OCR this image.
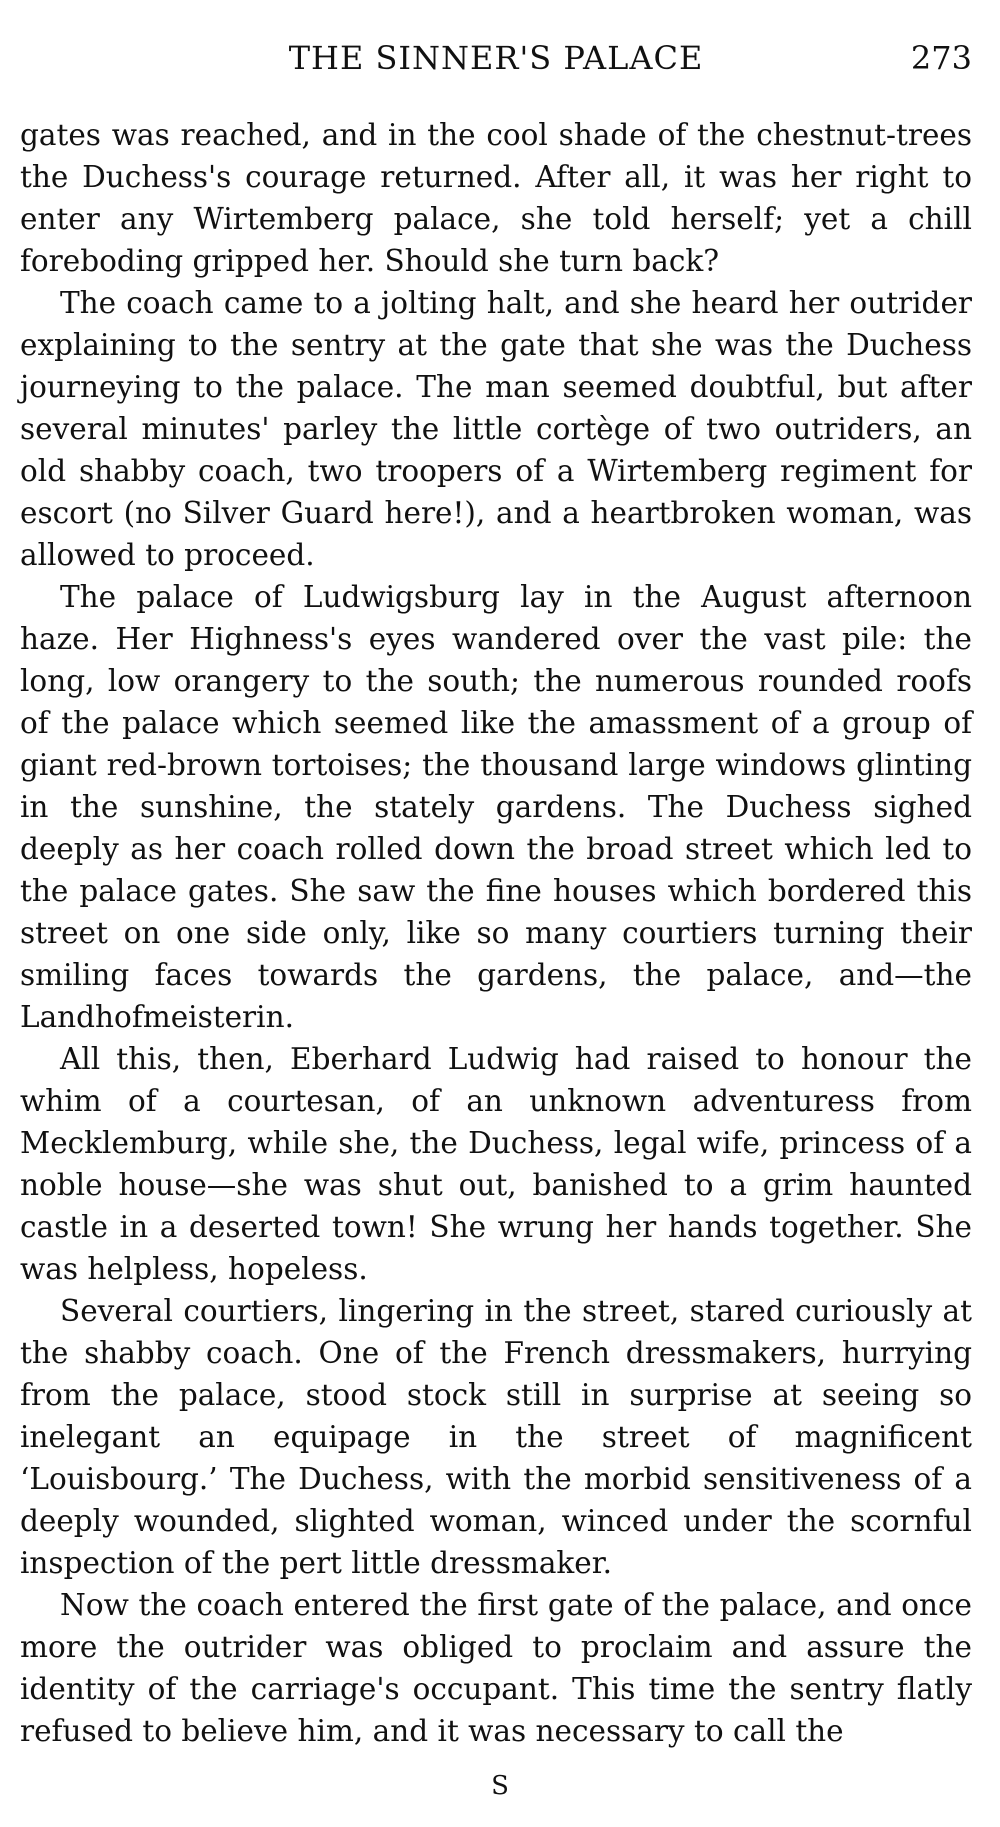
THE SINNER'S PALACE	273

gates was reached, and in the cool shade of the chestnut-trees the Duchess's courage returned. After all, it was her right to enter any Wirtemberg palace, she told herself; yet a chill foreboding gripped her. Should she turn back?

The coach came to a jolting halt, and she heard her outrider explaining to the sentry at the gate that she was the Duchess journeying to the palace. The man seemed doubtful, but after several minutes' parley the little cortège of two outriders, an old shabby coach, two troopers of a Wirtemberg regiment for escort (no Silver Guard here!), and a heartbroken woman, was allowed to proceed.

The palace of Ludwigsburg lay in the August afternoon haze. Her Highness's eyes wandered over the vast pile: the long, low orangery to the south; the numerous rounded roofs of the palace which seemed like the amassment of a group of giant red-brown tortoises; the thousand large windows glinting in the sunshine, the stately gardens. The Duchess sighed deeply as her coach rolled down the broad street which led to the palace gates. She saw the fine houses which bordered this street on one side only, like so many courtiers turning their smiling faces towards the gardens, the palace, and—the Landhofmeisterin.

All this, then, Eberhard Ludwig had raised to honour the whim of a courtesan, of an unknown adventuress from Mecklemburg, while she, the Duchess, legal wife, princess of a noble house—she was shut out, banished to a grim haunted castle in a deserted town! She wrung her hands together. She was helpless, hopeless.

Several courtiers, lingering in the street, stared curiously at the shabby coach. One of the French dressmakers, hurrying from the palace, stood stock still in surprise at seeing so inelegant an equipage in the street of magnificent ‘Louisbourg.’ The Duchess, with the morbid sensitiveness of a deeply wounded, slighted woman, winced under the scornful inspection of the pert little dressmaker.

Now the coach entered the first gate of the palace, and once more the outrider was obliged to proclaim and assure the identity of the carriage's occupant. This time the sentry flatly refused to believe him, and it was necessary to call the

S
